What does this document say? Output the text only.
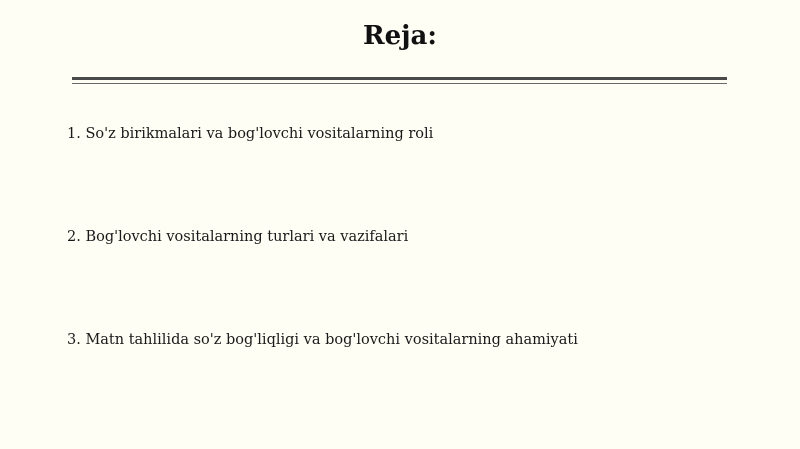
Reja:
1. So'z birikmalari va bog'lovchi vositalarning roli
2. Bog'lovchi vositalarning turlari va vazifalari
3. Matn tahlilida so'z bog'liqligi va bog'lovchi vositalarning ahamiyati
